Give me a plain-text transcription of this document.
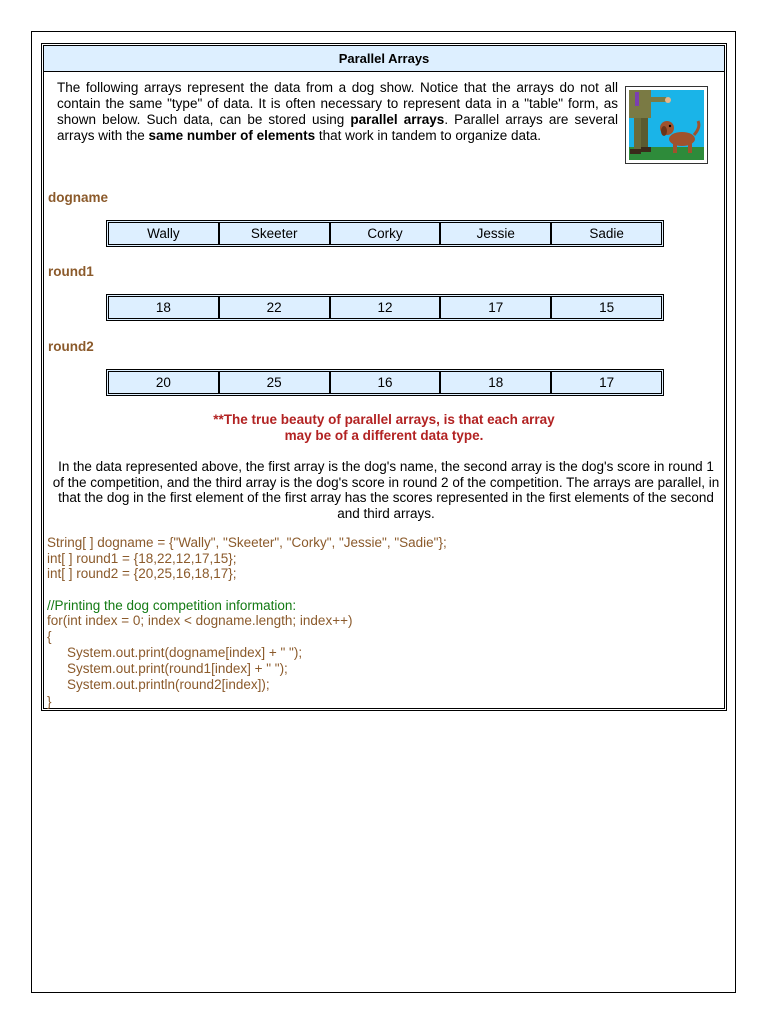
Parallel Arrays

The following arrays represent the data from a dog show. Notice that the arrays do not all contain the same "type" of data. It is often necessary to represent data in a "table" form, as shown below. Such data, can be stored using parallel arrays. Parallel arrays are several arrays with the same number of elements that work in tandem to organize data.

dogname
Wally	Skeeter	Corky	Jessie	Sadie
round1
18	22	12	17	15
round2
20	25	16	18	17

**The true beauty of parallel arrays, is that each array
may be of a different data type.

In the data represented above, the first array is the dog's name, the second array is the dog's score in round 1 of the competition, and the third array is the dog's score in round 2 of the competition. The arrays are parallel, in that the dog in the first element of the first array has the scores represented in the first elements of the second and third arrays.

String[ ] dogname = {"Wally", "Skeeter", "Corky", "Jessie", "Sadie"};
int[ ] round1 = {18,22,12,17,15};
int[ ] round2 = {20,25,16,18,17};
//Printing the dog competition information:
for(int index = 0; index < dogname.length; index++)
{
System.out.print(dogname[index] + " ");
System.out.print(round1[index] + " ");
System.out.println(round2[index]);
}
